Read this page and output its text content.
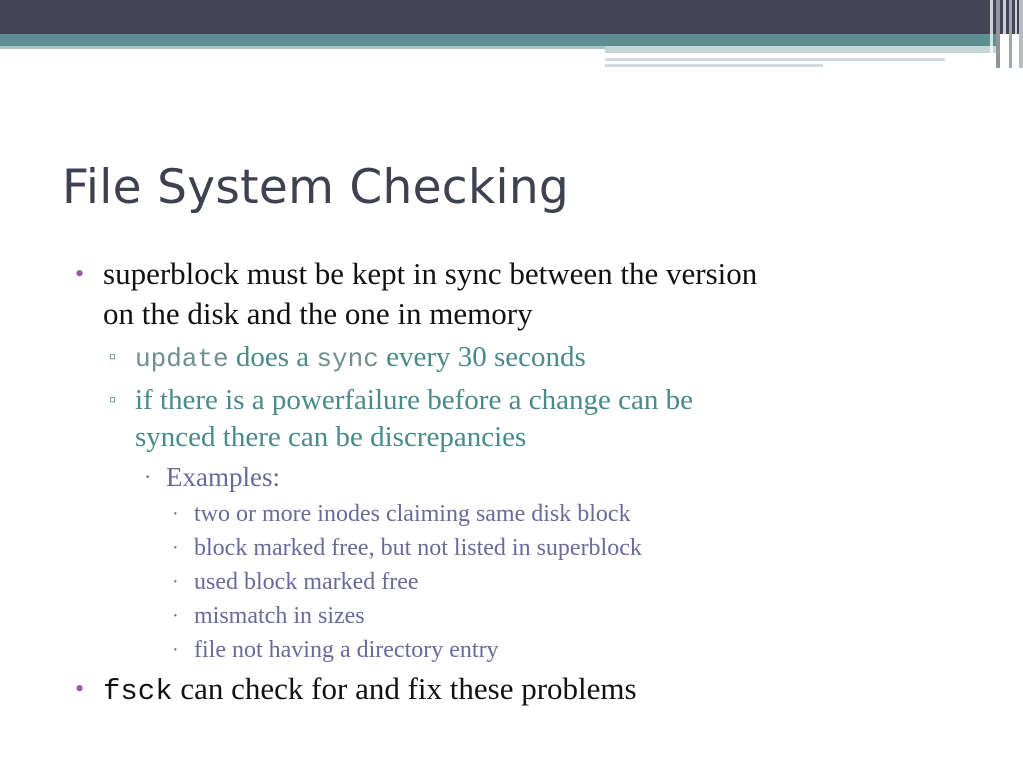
File System Checking

• superblock must be kept in sync between the version
on the disk and the one in memory

▫ update does a sync every 30 seconds

▫ if there is a powerfailure before a change can be
synced there can be discrepancies

· Examples:

· two or more inodes claiming same disk block

· block marked free, but not listed in superblock

· used block marked free

· mismatch in sizes

· file not having a directory entry

• fsck can check for and fix these problems
